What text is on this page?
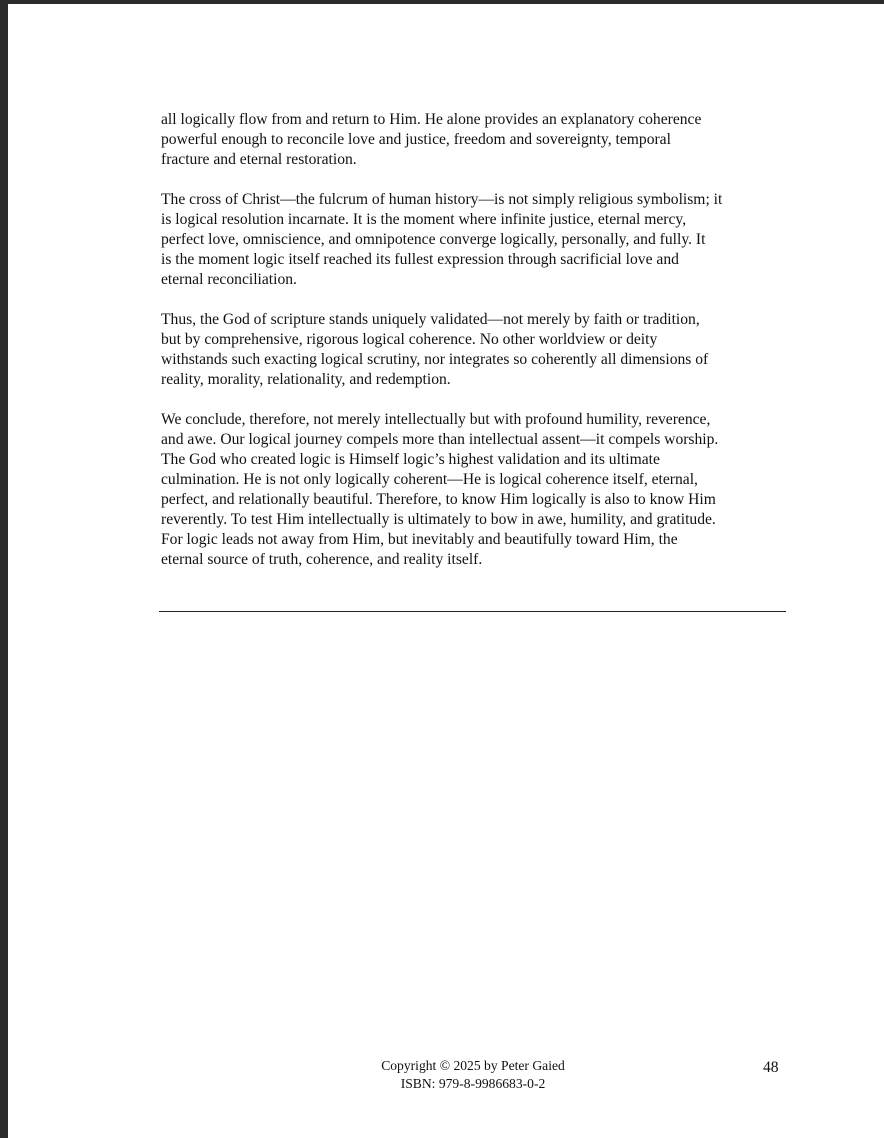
all logically flow from and return to Him. He alone provides an explanatory coherence
powerful enough to reconcile love and justice, freedom and sovereignty, temporal
fracture and eternal restoration.

The cross of Christ—the fulcrum of human history—is not simply religious symbolism; it
is logical resolution incarnate. It is the moment where infinite justice, eternal mercy,
perfect love, omniscience, and omnipotence converge logically, personally, and fully. It
is the moment logic itself reached its fullest expression through sacrificial love and
eternal reconciliation.

Thus, the God of scripture stands uniquely validated—not merely by faith or tradition,
but by comprehensive, rigorous logical coherence. No other worldview or deity
withstands such exacting logical scrutiny, nor integrates so coherently all dimensions of
reality, morality, relationality, and redemption.

We conclude, therefore, not merely intellectually but with profound humility, reverence,
and awe. Our logical journey compels more than intellectual assent—it compels worship.
The God who created logic is Himself logic’s highest validation and its ultimate
culmination. He is not only logically coherent—He is logical coherence itself, eternal,
perfect, and relationally beautiful. Therefore, to know Him logically is also to know Him
reverently. To test Him intellectually is ultimately to bow in awe, humility, and gratitude.
For logic leads not away from Him, but inevitably and beautifully toward Him, the
eternal source of truth, coherence, and reality itself.

Copyright © 2025 by Peter Gaied
ISBN: 979-8-9986683-0-2
48
